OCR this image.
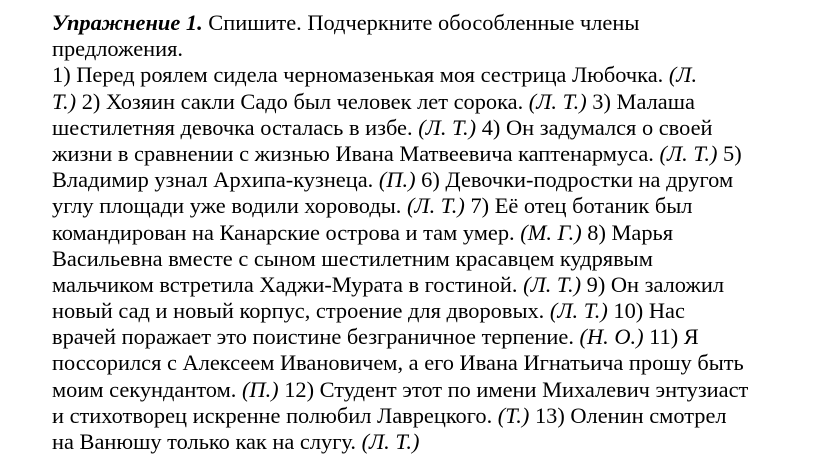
Упражнение 1. Спишите. Подчеркните обособленные члены
предложения.
1) Перед роялем сидела черномазенькая моя сестрица Любочка. (Л.
Т.) 2) Хозяин сакли Садо был человек лет сорока. (Л. Т.) 3) Малаша
шестилетняя девочка осталась в избе. (Л. Т.) 4) Он задумался о своей
жизни в сравнении с жизнью Ивана Матвеевича каптенармуса. (Л. Т.) 5)
Владимир узнал Архипа-кузнеца. (П.) 6) Девочки-подростки на другом
углу площади уже водили хороводы. (Л. Т.) 7) Её отец ботаник был
командирован на Канарские острова и там умер. (М. Г.) 8) Марья
Васильевна вместе с сыном шестилетним красавцем кудрявым
мальчиком встретила Хаджи-Мурата в гостиной. (Л. Т.) 9) Он заложил
новый сад и новый корпус, строение для дворовых. (Л. Т.) 10) Нас
врачей поражает это поистине безграничное терпение. (Н. О.) 11) Я
поссорился с Алексеем Ивановичем, а его Ивана Игнатьича прошу быть
моим секундантом. (П.) 12) Студент этот по имени Михалевич энтузиаст
и стихотворец искренне полюбил Лаврецкого. (Т.) 13) Оленин смотрел
на Ванюшу только как на слугу. (Л. Т.)
